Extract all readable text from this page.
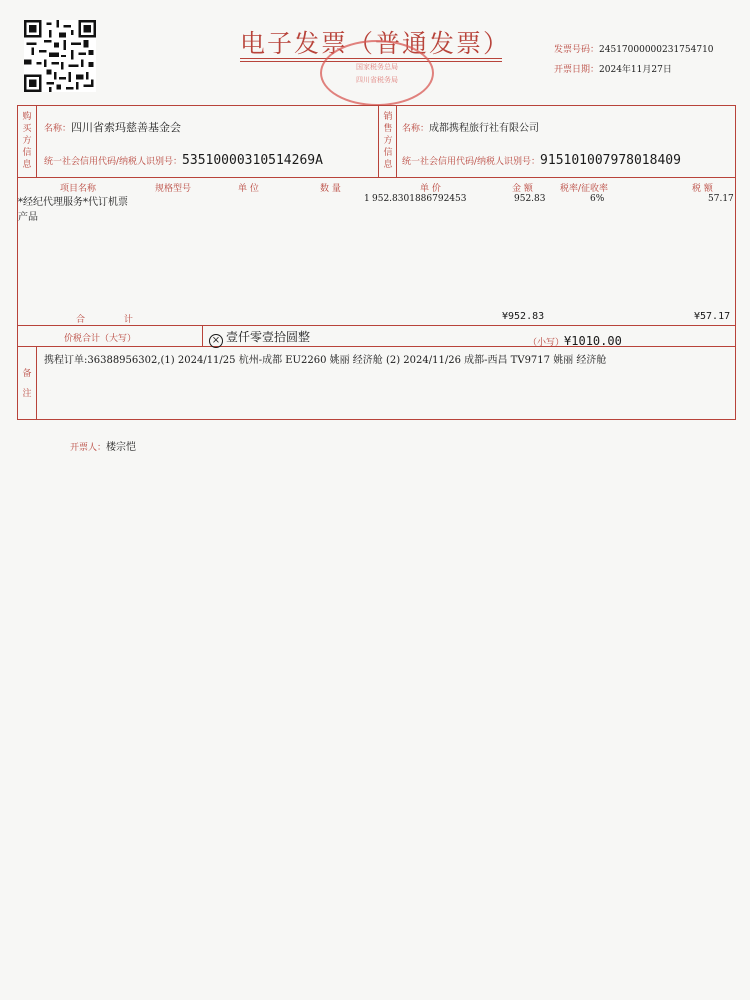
电子发票（普通发票）
国家税务总局
四川省税务局
发票号码：24517000000231754710
开票日期：2024年11月27日
购
买
方
信
息
名称：四川省索玛慈善基金会
统一社会信用代码/纳税人识别号：53510000310514269A
销
售
方
信
息
名称：成都携程旅行社有限公司
统一社会信用代码/纳税人识别号：915101007978018409
项目名称	规格型号	单 位	数 量	单 价	金 额	税率/征收率	税 额
*经纪代理服务*代订机票
产品
1 952.8301886792453	952.83	6%	57.17
合 计	¥952.83	¥57.17
价税合计（大写）	× 壹仟零壹拾圆整	（小写）¥1010.00
备
注
携程订单:36388956302,(1) 2024/11/25 杭州-成都 EU2260 姚丽 经济舱 (2) 2024/11/26 成都-西昌 TV9717 姚丽 经济舱
开票人：楼宗恺
